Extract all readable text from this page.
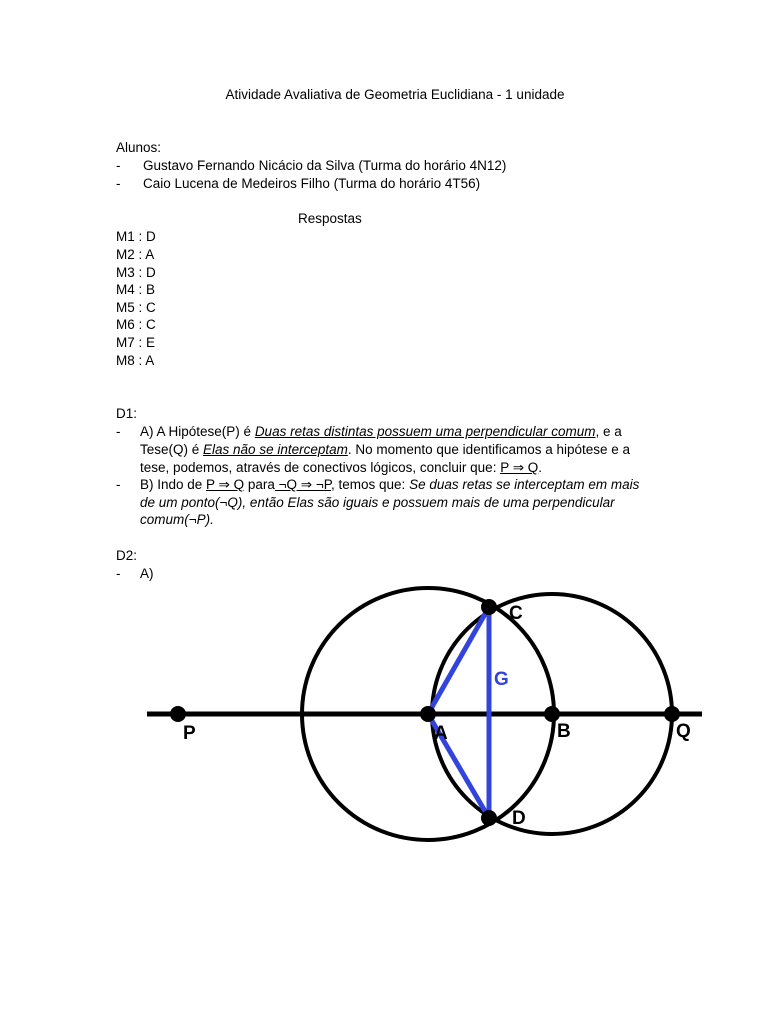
Atividade Avaliativa de Geometria Euclidiana - 1 unidade
Alunos:
- Gustavo Fernando Nicácio da Silva (Turma do horário 4N12)
- Caio Lucena de Medeiros Filho (Turma do horário 4T56)
Respostas
M1 : D
M2 : A
M3 : D
M4 : B
M5 : C
M6 : C
M7 : E
M8 : A
D1:
- A) A Hipótese(P) é Duas retas distintas possuem uma perpendicular comum, e a
Tese(Q) é Elas não se interceptam. No momento que identificamos a hipótese e a
tese, podemos, através de conectivos lógicos, concluir que: P ⇒ Q.
- B) Indo de P ⇒ Q para ¬Q ⇒ ¬P, temos que: Se duas retas se interceptam em mais
de um ponto(¬Q), então Elas são iguais e possuem mais de uma perpendicular
comum(¬P).
D2:
- A)
P	A	B	Q
C
D
G
